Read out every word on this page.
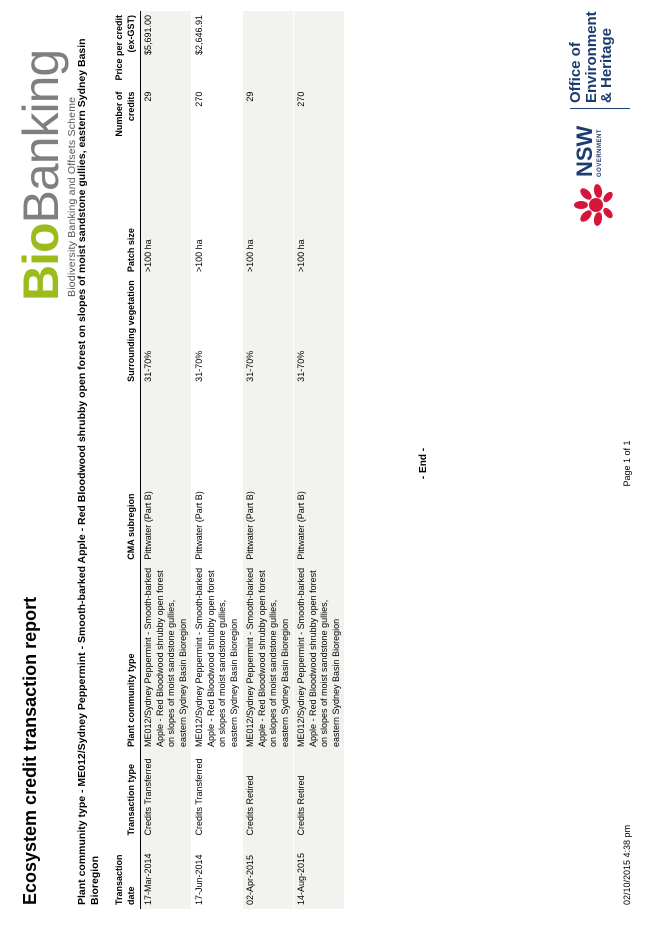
Ecosystem credit transaction report
BioBanking
Biodiversity Banking and Offsets Scheme
Plant community type - ME012/Sydney Peppermint - Smooth-barked Apple - Red Bloodwood shrubby open forest on slopes of moist sandstone gullies, eastern Sydney Basin Bioregion Transaction date	Transaction type	Plant community type	CMA subregion	Surrounding vegetation	Patch size	Number of credits	Price per credit (ex-GST)
17-Mar-2014	Credits Transferred	ME012/Sydney Peppermint - Smooth-barked Apple - Red Bloodwood shrubby open forest on slopes of moist sandstone gullies, eastern Sydney Basin Bioregion	Pittwater (Part B)	31-70%	>100 ha	29	$5,691.00
17-Jun-2014	Credits Transferred	ME012/Sydney Peppermint - Smooth-barked Apple - Red Bloodwood shrubby open forest on slopes of moist sandstone gullies, eastern Sydney Basin Bioregion	Pittwater (Part B)	31-70%	>100 ha	270	$2,646.91
02-Apr-2015	Credits Retired	ME012/Sydney Peppermint - Smooth-barked Apple - Red Bloodwood shrubby open forest on slopes of moist sandstone gullies, eastern Sydney Basin Bioregion	Pittwater (Part B)	31-70%	>100 ha	29	
14-Aug-2015	Credits Retired	ME012/Sydney Peppermint - Smooth-barked Apple - Red Bloodwood shrubby open forest on slopes of moist sandstone gullies, eastern Sydney Basin Bioregion	Pittwater (Part B)	31-70%	>100 ha	270	
- End -
02/10/2015 4:38 pm
Page 1 of 1
NSW GOVERNMENT
Office of
Environment
& Heritage
